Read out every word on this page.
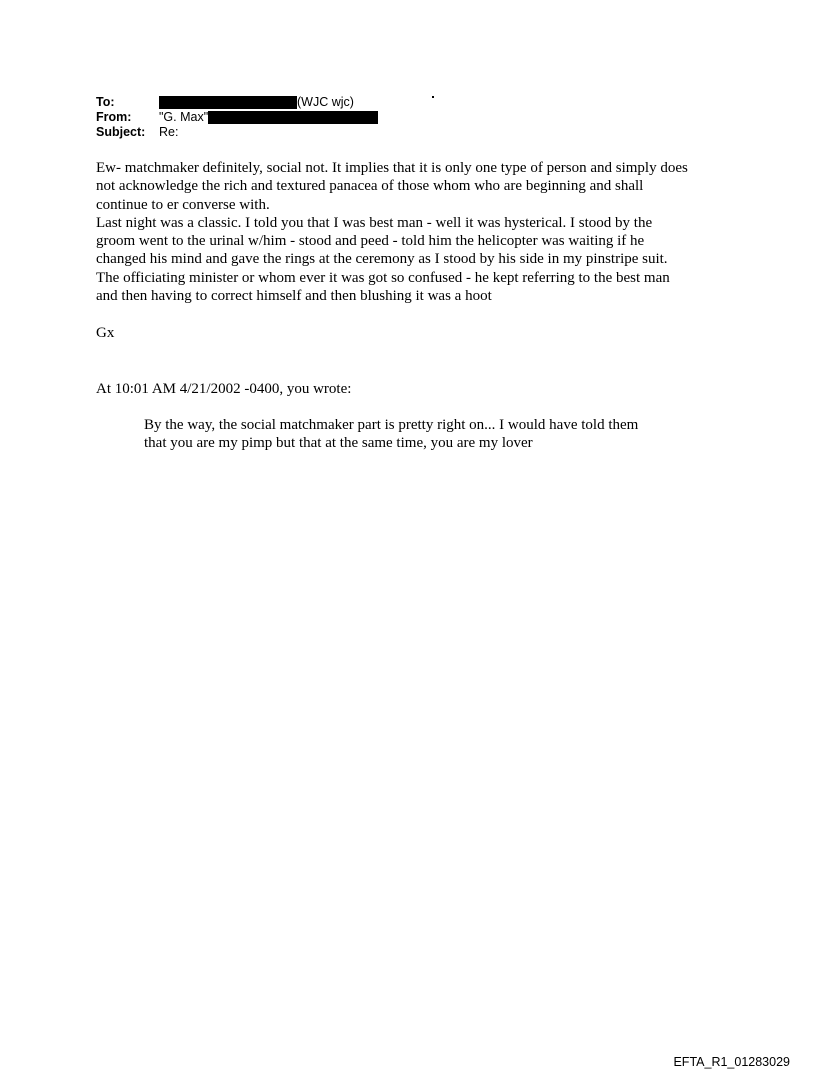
To:	(WJC wjc)
From:	"G. Max"
Subject:	Re:

Ew- matchmaker definitely, social not. It implies that it is only one type of person and simply does
not acknowledge the rich and textured panacea of those whom who are beginning and shall
continue to er converse with.
Last night was a classic. I told you that I was best man - well it was hysterical. I stood by the
groom went to the urinal w/him - stood and peed - told him the helicopter was waiting if he
changed his mind and gave the rings at the ceremony as I stood by his side in my pinstripe suit.
The officiating minister or whom ever it was got so confused - he kept referring to the best man
and then having to correct himself and then blushing it was a hoot

Gx
At 10:01 AM 4/21/2002 -0400, you wrote:
By the way, the social matchmaker part is pretty right on... I would have told them
that you are my pimp but that at the same time, you are my lover
EFTA_R1_01283029
